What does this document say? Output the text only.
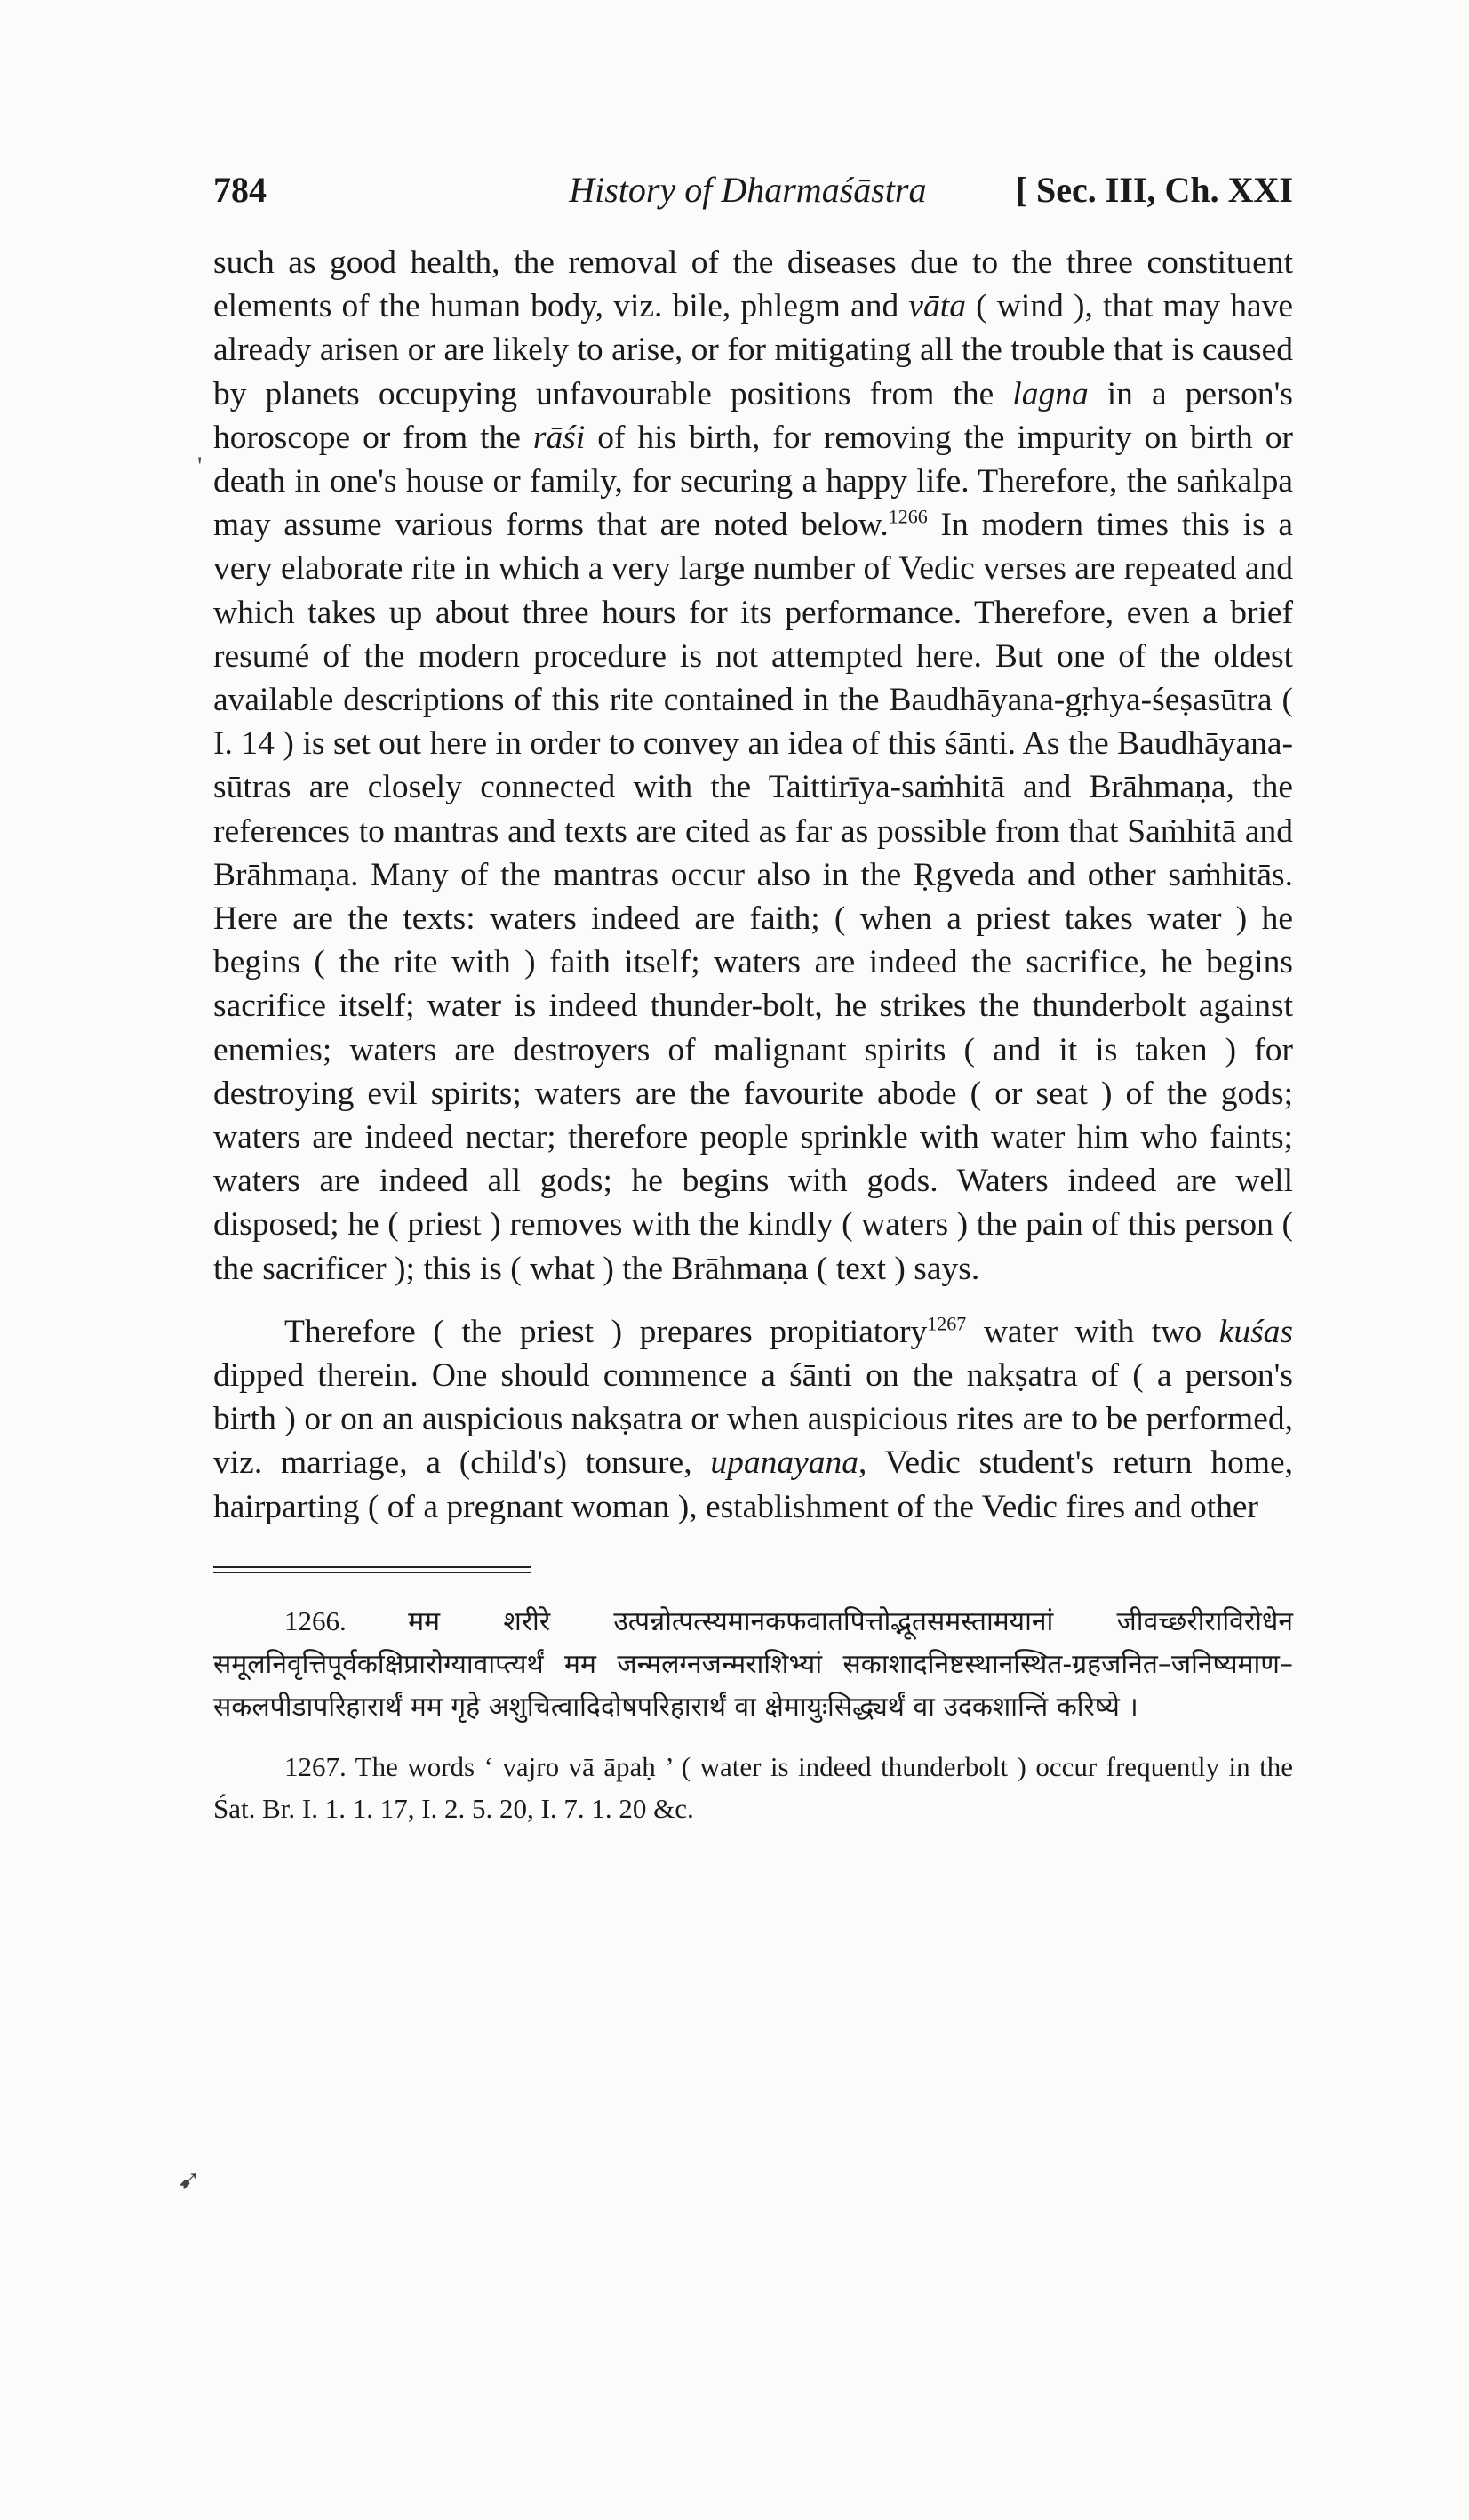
'
➹
784	History of Dharmaśāstra	[ Sec. III, Ch. XXI

such as good health, the removal of the diseases due to the three constituent elements of the human body, viz. bile, phlegm and vāta ( wind ), that may have already arisen or are likely to arise, or for mitigating all the trouble that is caused by planets occupying unfavourable positions from the lagna in a person's horoscope or from the rāśi of his birth, for removing the impurity on birth or death in one's house or family, for securing a happy life. Therefore, the saṅkalpa may assume various forms that are noted below.$^{1266}$ In modern times this is a very elaborate rite in which a very large number of Vedic verses are repeated and which takes up about three hours for its performance. Therefore, even a brief resumé of the modern procedure is not attempted here. But one of the oldest available descriptions of this rite contained in the Baudhāyana-gṛhya-śeṣasūtra ( I. 14 ) is set out here in order to convey an idea of this śānti. As the Baudhāyana-sūtras are closely connected with the Taittirīya-saṁhitā and Brāhmaṇa, the references to mantras and texts are cited as far as possible from that Saṁhitā and Brāhmaṇa. Many of the mantras occur also in the Ṛgveda and other saṁhitās. Here are the texts: waters indeed are faith; ( when a priest takes water ) he begins ( the rite with ) faith itself; waters are indeed the sacrifice, he begins sacrifice itself; water is indeed thunder-bolt, he strikes the thunderbolt against enemies; waters are destroyers of malignant spirits ( and it is taken ) for destroying evil spirits; waters are the favourite abode ( or seat ) of the gods; waters are indeed nectar; therefore people sprinkle with water him who faints; waters are indeed all gods; he begins with gods. Waters indeed are well disposed; he ( priest ) removes with the kindly ( waters ) the pain of this person ( the sacrificer ); this is ( what ) the Brāhmaṇa ( text ) says.

Therefore ( the priest ) prepares propitiatory$^{1267}$ water with two kuśas dipped therein. One should commence a śānti on the nakṣatra of ( a person's birth ) or on an auspicious nakṣatra or when auspicious rites are to be performed, viz. marriage, a (child's) tonsure, upanayana, Vedic student's return home, hairparting ( of a pregnant woman ), establishment of the Vedic fires and other

1266. मम शरीरे उत्पन्नोत्पत्स्यमानकफवातपित्तोद्भूतसमस्तामयानां जीवच्छरीराविरोधेन समूलनिवृत्तिपूर्वकक्षिप्रारोग्यावाप्त्यर्थं मम जन्मलग्नजन्मराशिभ्यां सकाशादनिष्टस्थानस्थित-ग्रहजनित–जनिष्यमाण–सकलपीडापरिहारार्थं मम गृहे अशुचित्वादिदोषपरिहारार्थं वा क्षेमायुःसिद्ध्यर्थं वा उदकशान्तिं करिष्ये ।

1267. The words ‘ vajro vā āpaḥ ’ ( water is indeed thunderbolt ) occur frequently in the Śat. Br. I. 1. 1. 17, I. 2. 5. 20, I. 7. 1. 20 &c.
